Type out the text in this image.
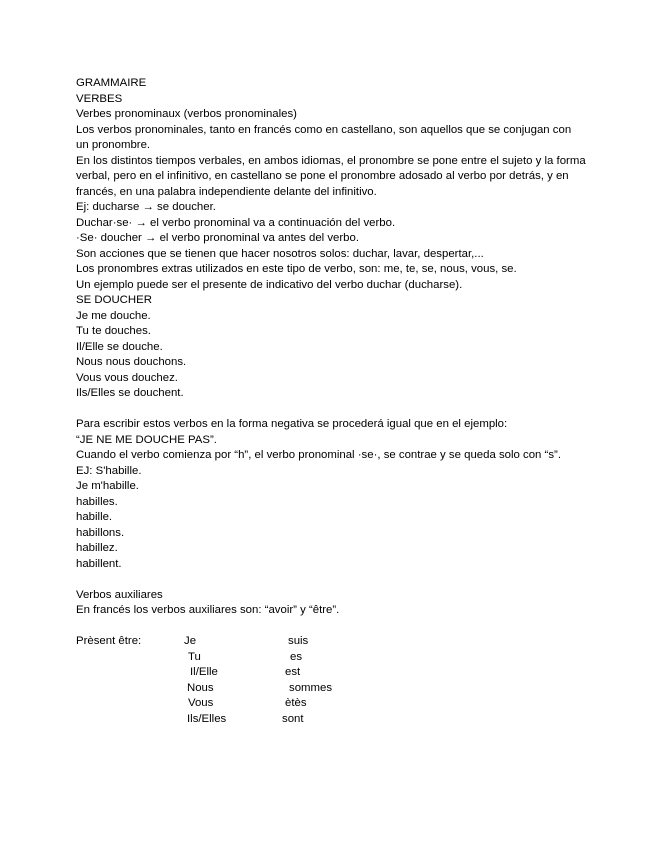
GRAMMAIRE

VERBES

Verbes pronominaux (verbos pronominales)

Los verbos pronominales, tanto en francés como en castellano, son aquellos que se conjugan con un pronombre.

En los distintos tiempos verbales, en ambos idiomas, el pronombre se pone entre el sujeto y la forma verbal, pero en el infinitivo, en castellano se pone el pronombre adosado al verbo por detrás, y en francés, en una palabra independiente delante del infinitivo.

Ej: ducharse → se doucher.

Duchar·se· → el verbo pronominal va a continuación del verbo.

·Se· doucher → el verbo pronominal va antes del verbo.

Son acciones que se tienen que hacer nosotros solos: duchar, lavar, despertar,...

Los pronombres extras utilizados en este tipo de verbo, son: me, te, se, nous, vous, se.

Un ejemplo puede ser el presente de indicativo del verbo duchar (ducharse).

SE DOUCHER

Je me douche.

Tu te douches.

Il/Elle se douche.

Nous nous douchons.

Vous vous douchez.

Ils/Elles se douchent.

Para escribir estos verbos en la forma negativa se procederá igual que en el ejemplo:

“JE NE ME DOUCHE PAS”.

Cuando el verbo comienza por “h”, el verbo pronominal ·se·, se contrae y se queda solo con “s”.

EJ: S'habille.

Je m'habille.

habilles.

habille.

habillons.

habillez.

habillent.

Verbos auxiliares

En francés los verbos auxiliares son: “avoir” y “être”.

Prèsent être:	Je
Tu
Il/Elle
Nous
Vous
Ils/Elles
suis
es
est
sommes
ètès
sont
